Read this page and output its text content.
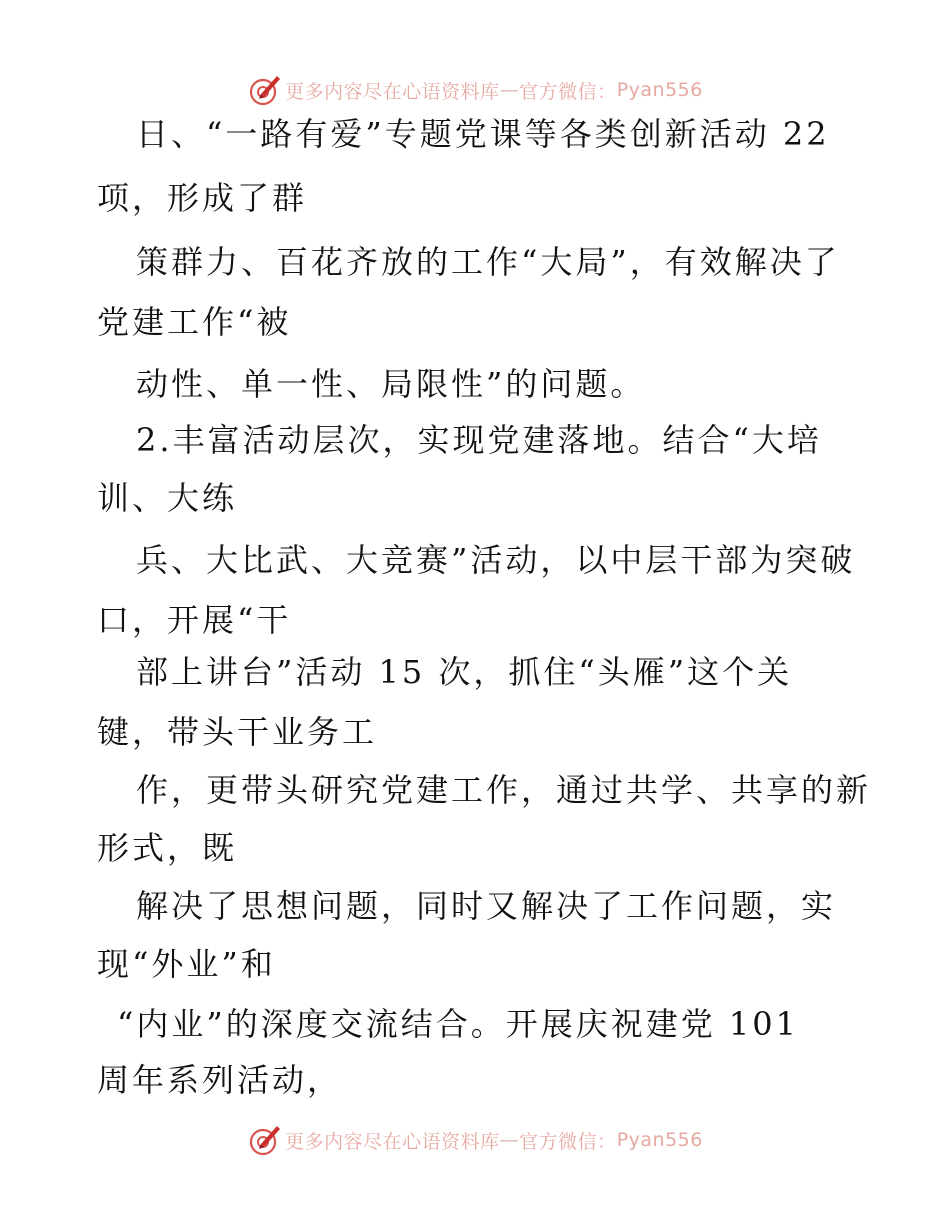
更多内容尽在心语资料库 — 官方微信： Pyan556
日、“一路有爱”专题党课等各类创新活动 22
项，形成了群
策群力、百花齐放的工作“大局”，有效解决了
党建工作“被
动性、单一性、局限性”的问题。
2.丰富活动层次，实现党建落地。结合“大培
训、大练
兵、大比武、大竞赛”活动，以中层干部为突破
口，开展“干
部上讲台”活动 15 次，抓住“头雁”这个关
键，带头干业务工
作，更带头研究党建工作，通过共学、共享的新
形式，既
解决了思想问题，同时又解决了工作问题，实
现“外业”和
“内业”的深度交流结合。开展庆祝建党 101
周年系列活动，
更多内容尽在心语资料库 — 官方微信： Pyan556
